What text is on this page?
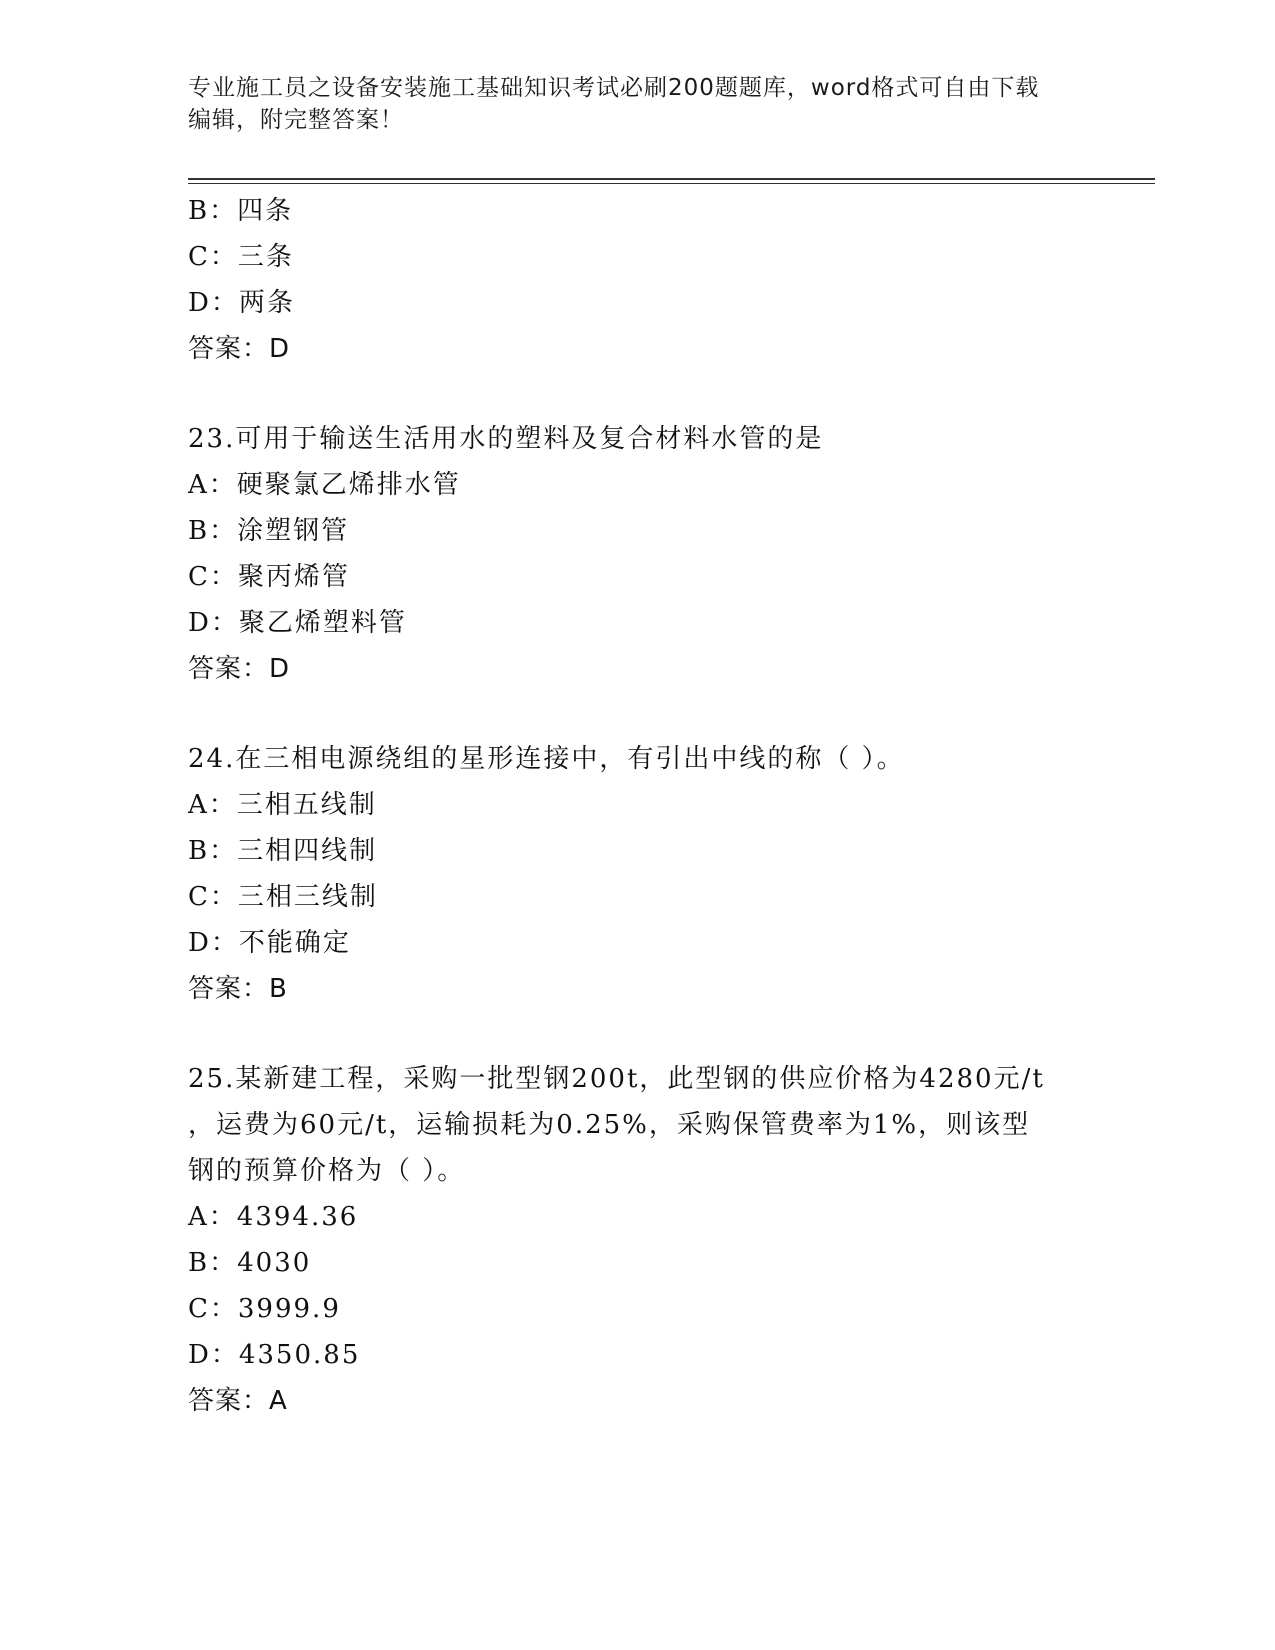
专业施工员之设备安装施工基础知识考试必刷200题题库，word格式可自由下载
编辑，附完整答案！
B：四条
C：三条
D：两条
答案：D
23.可用于输送生活用水的塑料及复合材料水管的是
A：硬聚氯乙烯排水管
B：涂塑钢管
C：聚丙烯管
D：聚乙烯塑料管
答案：D
24.在三相电源绕组的星形连接中，有引出中线的称（ ）。
A：三相五线制
B：三相四线制
C：三相三线制
D：不能确定
答案：B
25.某新建工程，采购一批型钢200t，此型钢的供应价格为4280元/t
，运费为60元/t，运输损耗为0.25%，采购保管费率为1%，则该型
钢的预算价格为（ ）。
A：4394.36
B：4030
C：3999.9
D：4350.85
答案：A
